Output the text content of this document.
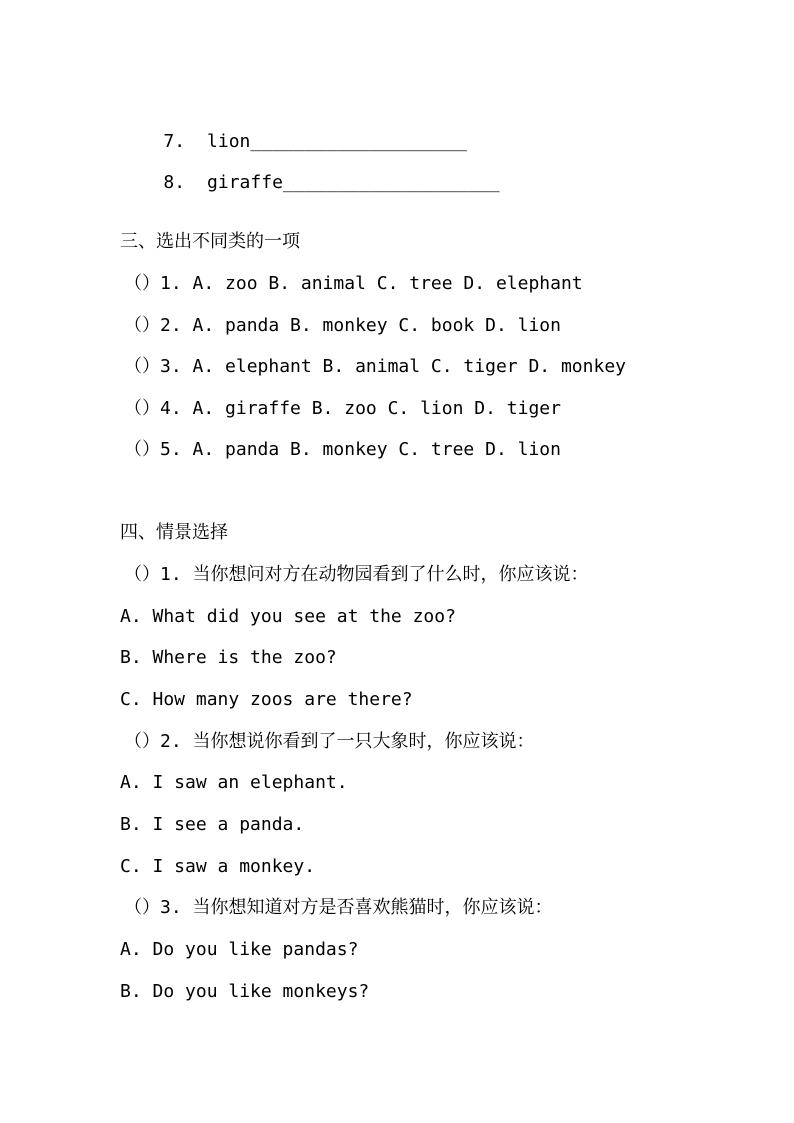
7. lion____________________

8. giraffe____________________

三、选出不同类的一项
（）1. A. zoo B. animal C. tree D. elephant
（）2. A. panda B. monkey C. book D. lion
（）3. A. elephant B. animal C. tiger D. monkey
（）4. A. giraffe B. zoo C. lion D. tiger
（）5. A. panda B. monkey C. tree D. lion
四、情景选择
（）1. 当你想问对方在动物园看到了什么时，你应该说：
A. What did you see at the zoo?
B. Where is the zoo?
C. How many zoos are there?
（）2. 当你想说你看到了一只大象时，你应该说：
A. I saw an elephant.
B. I see a panda.
C. I saw a monkey.
（）3. 当你想知道对方是否喜欢熊猫时，你应该说：
A. Do you like pandas?
B. Do you like monkeys?
